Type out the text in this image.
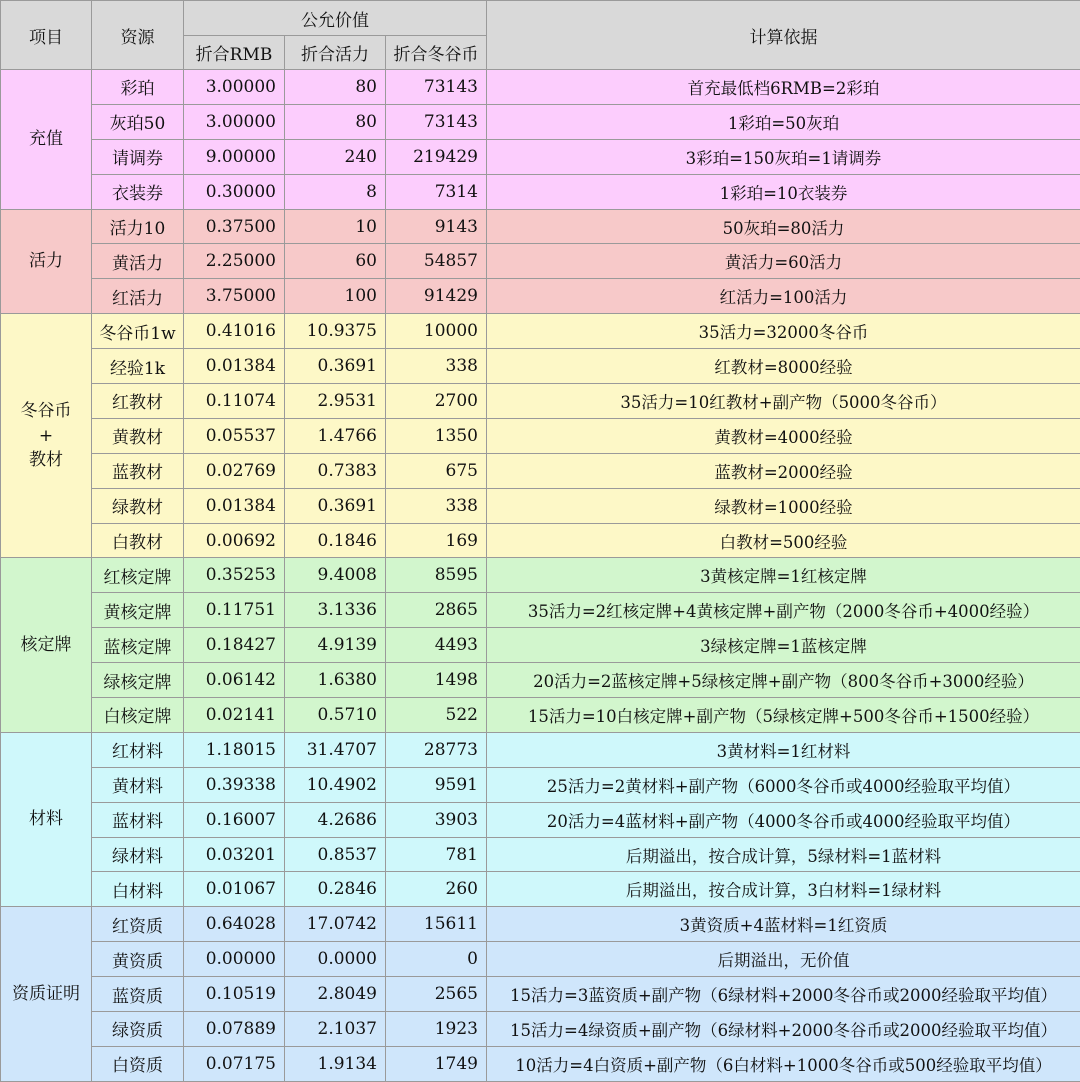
项目	资源	公允价值			计算依据
		折合RMB	折合活力	折合冬谷币	
充值	彩珀	3.00000	80	73143	首充最低档6RMB=2彩珀
	灰珀50	3.00000	80	73143	1彩珀=50灰珀
	请调券	9.00000	240	219429	3彩珀=150灰珀=1请调券
	衣装券	0.30000	8	7314	1彩珀=10衣装券
活力	活力10	0.37500	10	9143	50灰珀=80活力
	黄活力	2.25000	60	54857	黄活力=60活力
	红活力	3.75000	100	91429	红活力=100活力

冬谷币
+
教材	冬谷币1w	0.41016	10.9375	10000	35活力=32000冬谷币
	经验1k	0.01384	0.3691	338	红教材=8000经验
	红教材	0.11074	2.9531	2700	35活力=10红教材+副产物（5000冬谷币）
	黄教材	0.05537	1.4766	1350	黄教材=4000经验
	蓝教材	0.02769	0.7383	675	蓝教材=2000经验
	绿教材	0.01384	0.3691	338	绿教材=1000经验
	白教材	0.00692	0.1846	169	白教材=500经验
核定牌	红核定牌	0.35253	9.4008	8595	3黄核定牌=1红核定牌
	黄核定牌	0.11751	3.1336	2865	35活力=2红核定牌+4黄核定牌+副产物（2000冬谷币+4000经验）
	蓝核定牌	0.18427	4.9139	4493	3绿核定牌=1蓝核定牌
	绿核定牌	0.06142	1.6380	1498	20活力=2蓝核定牌+5绿核定牌+副产物（800冬谷币+3000经验）
	白核定牌	0.02141	0.5710	522	15活力=10白核定牌+副产物（5绿核定牌+500冬谷币+1500经验）
材料	红材料	1.18015	31.4707	28773	3黄材料=1红材料
	黄材料	0.39338	10.4902	9591	25活力=2黄材料+副产物（6000冬谷币或4000经验取平均值）
	蓝材料	0.16007	4.2686	3903	20活力=4蓝材料+副产物（4000冬谷币或4000经验取平均值）
	绿材料	0.03201	0.8537	781	后期溢出，按合成计算，5绿材料=1蓝材料
	白材料	0.01067	0.2846	260	后期溢出，按合成计算，3白材料=1绿材料
资质证明	红资质	0.64028	17.0742	15611	3黄资质+4蓝材料=1红资质
	黄资质	0.00000	0.0000	0	后期溢出，无价值
	蓝资质	0.10519	2.8049	2565	15活力=3蓝资质+副产物（6绿材料+2000冬谷币或2000经验取平均值）
	绿资质	0.07889	2.1037	1923	15活力=4绿资质+副产物（6绿材料+2000冬谷币或2000经验取平均值）
	白资质	0.07175	1.9134	1749	10活力=4白资质+副产物（6白材料+1000冬谷币或500经验取平均值）
